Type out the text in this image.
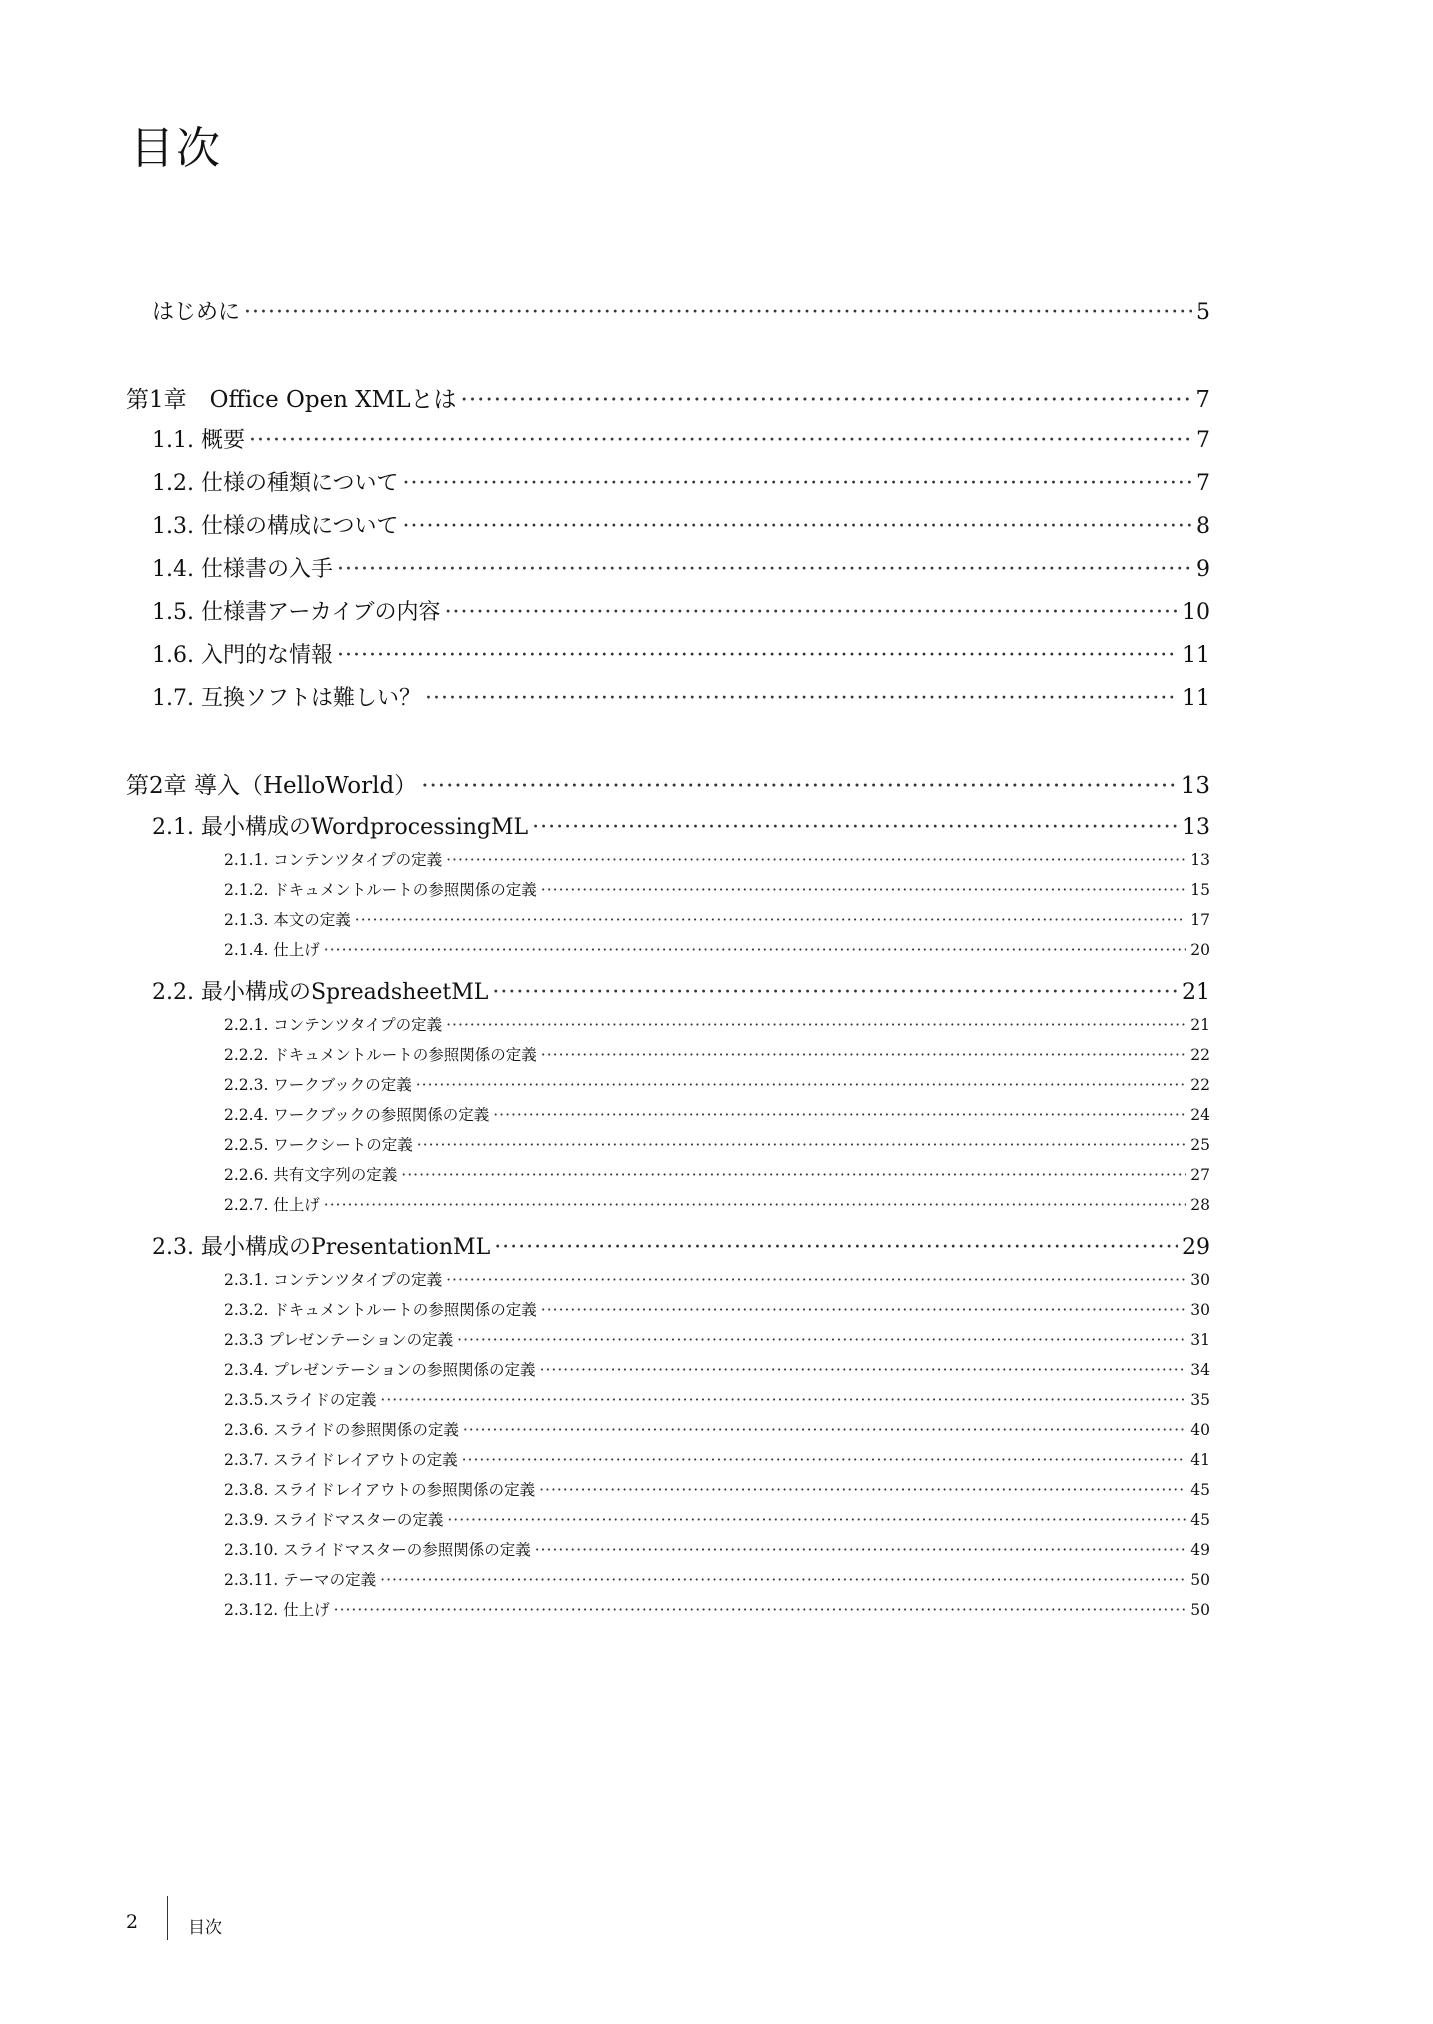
目次
はじめに ·····	5
第1章　Office Open XMLとは ·····	7
1.1. 概要 ·····	7
1.2. 仕様の種類について ·····	7
1.3. 仕様の構成について ·····	8
1.4. 仕様書の入手 ·····	9
1.5. 仕様書アーカイブの内容 ·····	10
1.6. 入門的な情報 ·····	11
1.7. 互換ソフトは難しい？ ·····	11
第2章 導入（HelloWorld） ·····	13
2.1. 最小構成のWordprocessingML ·····	13
2.1.1. コンテンツタイプの定義 ·····	13
2.1.2. ドキュメントルートの参照関係の定義 ·····	15
2.1.3. 本文の定義 ·····	17
2.1.4. 仕上げ ·····	20
2.2. 最小構成のSpreadsheetML ·····	21
2.2.1. コンテンツタイプの定義 ·····	21
2.2.2. ドキュメントルートの参照関係の定義 ·····	22
2.2.3. ワークブックの定義 ·····	22
2.2.4. ワークブックの参照関係の定義 ·····	24
2.2.5. ワークシートの定義 ·····	25
2.2.6. 共有文字列の定義 ·····	27
2.2.7. 仕上げ ·····	28
2.3. 最小構成のPresentationML ·····	29
2.3.1. コンテンツタイプの定義 ·····	30
2.3.2. ドキュメントルートの参照関係の定義 ·····	30
2.3.3 プレゼンテーションの定義 ·····	31
2.3.4. プレゼンテーションの参照関係の定義 ·····	34
2.3.5.スライドの定義 ·····	35
2.3.6. スライドの参照関係の定義 ·····	40
2.3.7. スライドレイアウトの定義 ·····	41
2.3.8. スライドレイアウトの参照関係の定義 ·····	45
2.3.9. スライドマスターの定義 ·····	45
2.3.10. スライドマスターの参照関係の定義 ·····	49
2.3.11. テーマの定義 ·····	50
2.3.12. 仕上げ ·····	50
2	目次
